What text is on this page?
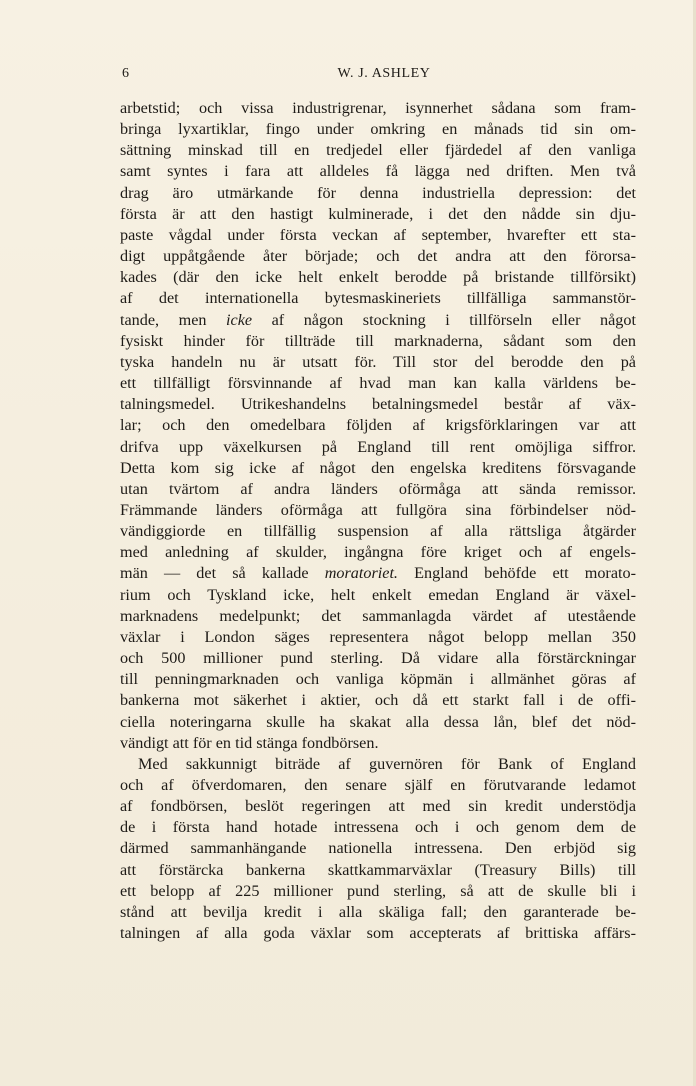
6	W. J. ASHLEY
arbetstid; och vissa industrigrenar, isynnerhet sådana som fram-
bringa lyxartiklar, fingo under omkring en månads tid sin om-
sättning minskad till en tredjedel eller fjärdedel af den vanliga
samt syntes i fara att alldeles få lägga ned driften. Men två
drag äro utmärkande för denna industriella depression: det
första är att den hastigt kulminerade, i det den nådde sin dju-
paste vågdal under första veckan af september, hvarefter ett sta-
digt uppåtgående åter började; och det andra att den förorsa-
kades (där den icke helt enkelt berodde på bristande tillförsikt)
af det internationella bytesmaskineriets tillfälliga sammanstör-
tande, men icke af någon stockning i tillförseln eller något
fysiskt hinder för tillträde till marknaderna, sådant som den
tyska handeln nu är utsatt för. Till stor del berodde den på
ett tillfälligt försvinnande af hvad man kan kalla världens be-
talningsmedel. Utrikeshandelns betalningsmedel består af väx-
lar; och den omedelbara följden af krigsförklaringen var att
drifva upp växelkursen på England till rent omöjliga siffror.
Detta kom sig icke af något den engelska kreditens försvagande
utan tvärtom af andra länders oförmåga att sända remissor.
Främmande länders oförmåga att fullgöra sina förbindelser nöd-
vändiggiorde en tillfällig suspension af alla rättsliga åtgärder
med anledning af skulder, ingångna före kriget och af engels-
män — det så kallade moratoriet. England behöfde ett morato-
rium och Tyskland icke, helt enkelt emedan England är växel-
marknadens medelpunkt; det sammanlagda värdet af utestående
växlar i London säges representera något belopp mellan 350
och 500 millioner pund sterling. Då vidare alla förstärckningar
till penningmarknaden och vanliga köpmän i allmänhet göras af
bankerna mot säkerhet i aktier, och då ett starkt fall i de offi-
ciella noteringarna skulle ha skakat alla dessa lån, blef det nöd-
vändigt att för en tid stänga fondbörsen.
Med sakkunnigt biträde af guvernören för Bank of England
och af öfverdomaren, den senare själf en förutvarande ledamot
af fondbörsen, beslöt regeringen att med sin kredit understödja
de i första hand hotade intressena och i och genom dem de
därmed sammanhängande nationella intressena. Den erbjöd sig
att förstärcka bankerna skattkammarväxlar (Treasury Bills) till
ett belopp af 225 millioner pund sterling, så att de skulle bli i
stånd att bevilja kredit i alla skäliga fall; den garanterade be-
talningen af alla goda växlar som accepterats af brittiska affärs-
